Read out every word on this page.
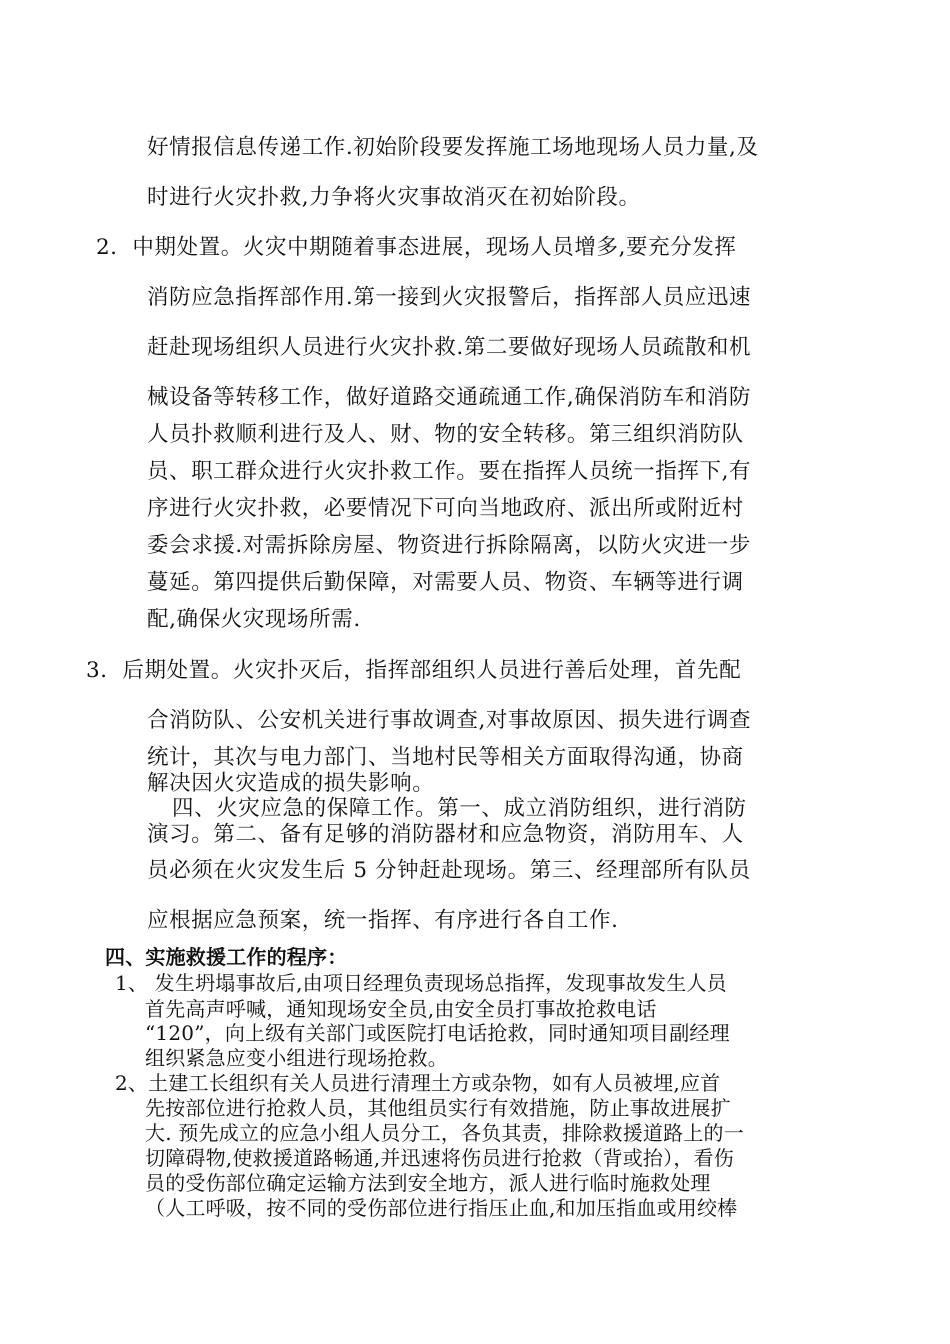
好情报信息传递工作.初始阶段要发挥施工场地现场人员力量,及

时进行火灾扑救,力争将火灾事故消灭在初始阶段。

2．中期处置。火灾中期随着事态进展，现场人员增多,要充分发挥

消防应急指挥部作用.第一接到火灾报警后，指挥部人员应迅速

赶赴现场组织人员进行火灾扑救.第二要做好现场人员疏散和机

械设备等转移工作，做好道路交通疏通工作,确保消防车和消防

人员扑救顺利进行及人、财、物的安全转移。第三组织消防队

员、职工群众进行火灾扑救工作。要在指挥人员统一指挥下,有

序进行火灾扑救，必要情况下可向当地政府、派出所或附近村

委会求援.对需拆除房屋、物资进行拆除隔离，以防火灾进一步

蔓延。第四提供后勤保障，对需要人员、物资、车辆等进行调

配,确保火灾现场所需.

3．后期处置。火灾扑灭后，指挥部组织人员进行善后处理，首先配

合消防队、公安机关进行事故调查,对事故原因、损失进行调查

统计，其次与电力部门、当地村民等相关方面取得沟通，协商

解决因火灾造成的损失影响。

四、火灾应急的保障工作。第一、成立消防组织，进行消防

演习。第二、备有足够的消防器材和应急物资，消防用车、人

员必须在火灾发生后 5 分钟赶赴现场。第三、经理部所有队员

应根据应急预案，统一指挥、有序进行各自工作.

四、实施救援工作的程序：

1、 发生坍塌事故后,由项日经理负责现场总指挥，发现事故发生人员

首先高声呼喊，通知现场安全员,由安全员打事故抢救电话

“120”，向上级有关部门或医院打电话抢救，同时通知项目副经理

组织紧急应变小组进行现场抢救。

2、土建工长组织有关人员进行清理土方或杂物，如有人员被埋,应首

先按部位进行抢救人员，其他组员实行有效措施，防止事故进展扩

大. 预先成立的应急小组人员分工，各负其责，排除救援道路上的一

切障碍物,使救援道路畅通,并迅速将伤员进行抢救（背或抬），看伤

员的受伤部位确定运输方法到安全地方，派人进行临时施救处理

（人工呼吸，按不同的受伤部位进行指压止血,和加压指血或用绞棒
